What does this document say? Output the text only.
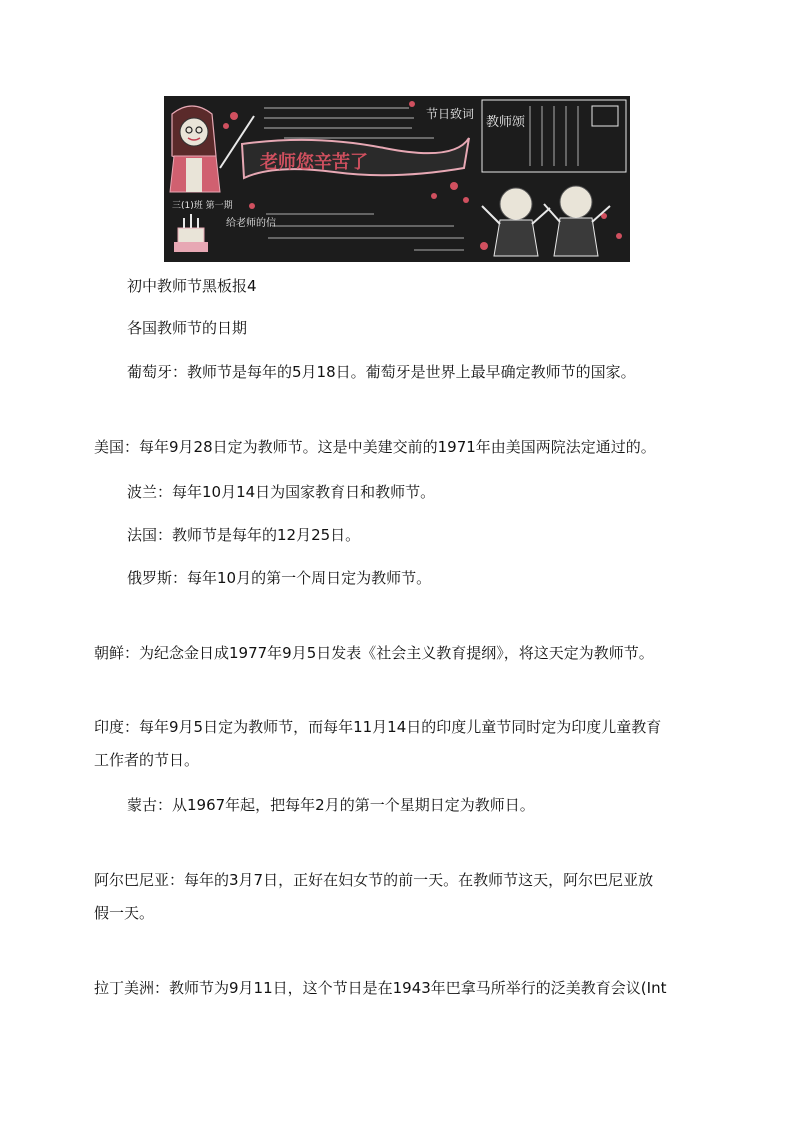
三(1)班 第一期
给老师的信
节日致词
老师您辛苦了
教师颂
初中教师节黑板报4
各国教师节的日期
葡萄牙：教师节是每年的5月18日。葡萄牙是世界上最早确定教师节的国家。
美国：每年9月28日定为教师节。这是中美建交前的1971年由美国两院法定通过的。
波兰：每年10月14日为国家教育日和教师节。
法国：教师节是每年的12月25日。
俄罗斯：每年10月的第一个周日定为教师节。
朝鲜：为纪念金日成1977年9月5日发表《社会主义教育提纲》，将这天定为教师节。
印度：每年9月5日定为教师节，而每年11月14日的印度儿童节同时定为印度儿童教育
工作者的节日。
蒙古：从1967年起，把每年2月的第一个星期日定为教师日。
阿尔巴尼亚：每年的3月7日，正好在妇女节的前一天。在教师节这天，阿尔巴尼亚放
假一天。
拉丁美洲：教师节为9月11日，这个节日是在1943年巴拿马所举行的泛美教育会议(Int
